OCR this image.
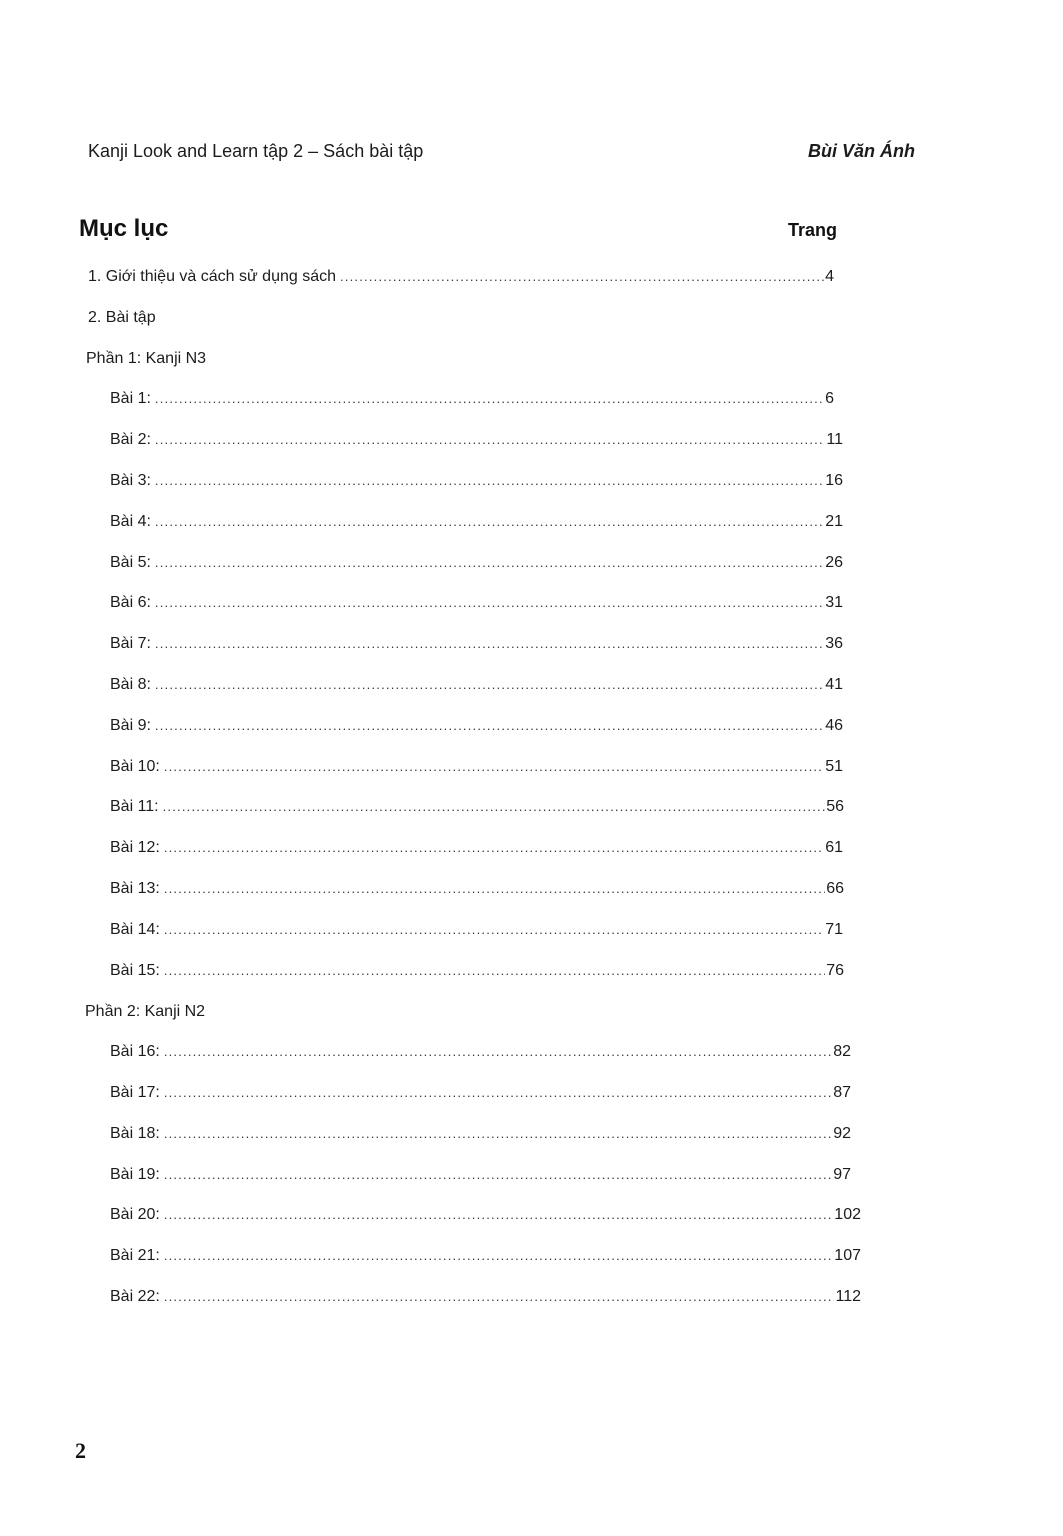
Kanji Look and Learn tập 2 – Sách bài tập	Bùi Văn Ánh
Mục lục	Trang
1. Giới thiệu và cách sử dụng sách .....	4
2. Bài tập
Phần 1: Kanji N3
Bài 1: .....	6
Bài 2: .....	11
Bài 3: .....	16
Bài 4: .....	21
Bài 5: .....	26
Bài 6: .....	31
Bài 7: .....	36
Bài 8: .....	41
Bài 9: .....	46
Bài 10: .....	51
Bài 11: .....	56
Bài 12: .....	61
Bài 13: .....	66
Bài 14: .....	71
Bài 15: .....	76
Phần 2: Kanji N2
Bài 16: .....	82
Bài 17: .....	87
Bài 18: .....	92
Bài 19: .....	97
Bài 20: .....	102
Bài 21: .....	107
Bài 22: .....	112
2
